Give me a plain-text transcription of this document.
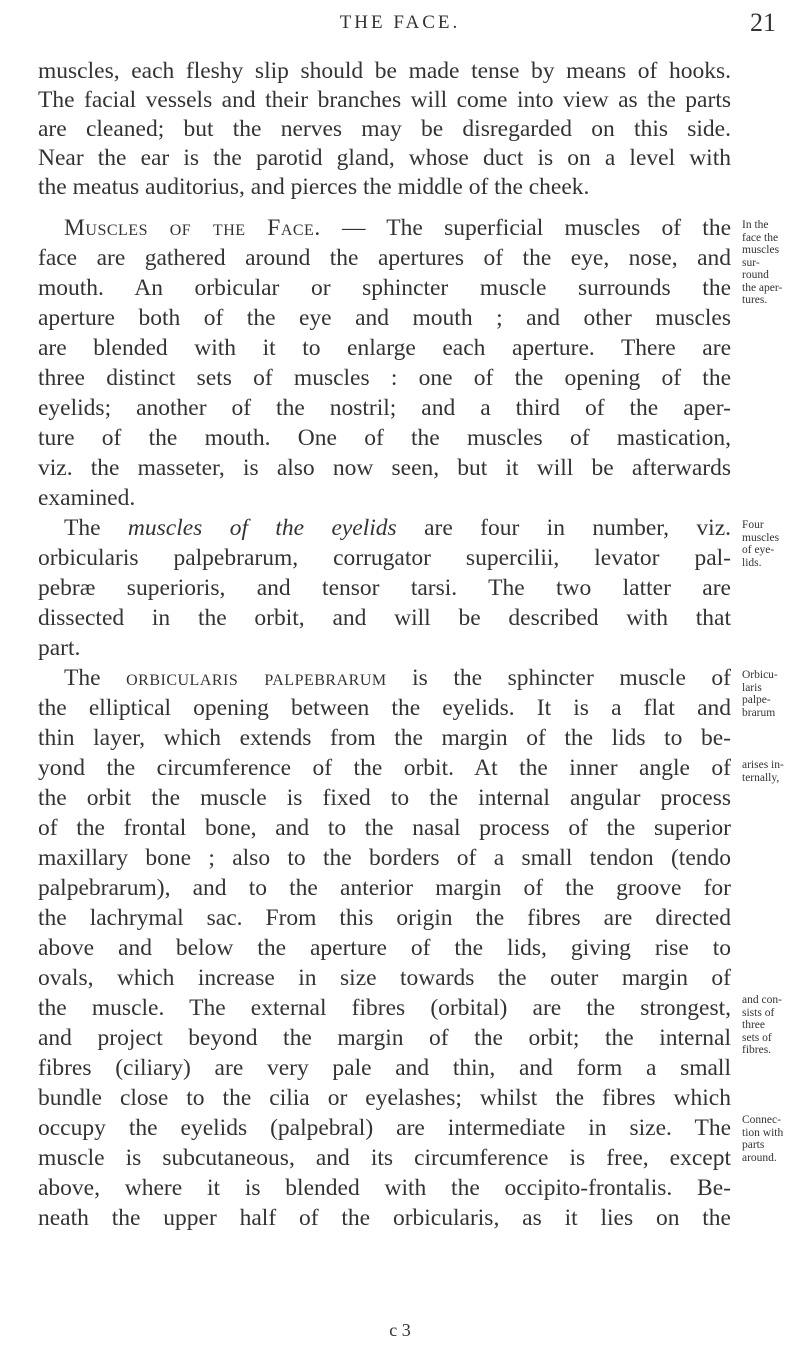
THE FACE.	21
muscles, each fleshy slip should be made tense by means of hooks.
The facial vessels and their branches will come into view as the parts
are cleaned; but the nerves may be disregarded on this side.
Near the ear is the parotid gland, whose duct is on a level with
the meatus auditorius, and pierces the middle of the cheek.
Muscles of the Face. — The superficial muscles of the
face are gathered around the apertures of the eye, nose, and
mouth. An orbicular or sphincter muscle surrounds the
aperture both of the eye and mouth ; and other muscles
are blended with it to enlarge each aperture. There are
three distinct sets of muscles : one of the opening of the
eyelids; another of the nostril; and a third of the aper-
ture of the mouth. One of the muscles of mastication,
viz. the masseter, is also now seen, but it will be afterwards
examined.
The muscles of the eyelids are four in number, viz.
orbicularis palpebrarum, corrugator supercilii, levator pal-
pebræ superioris, and tensor tarsi. The two latter are
dissected in the orbit, and will be described with that
part.
The orbicularis palpebrarum is the sphincter muscle of
the elliptical opening between the eyelids. It is a flat and
thin layer, which extends from the margin of the lids to be-
yond the circumference of the orbit. At the inner angle of
the orbit the muscle is fixed to the internal angular process
of the frontal bone, and to the nasal process of the superior
maxillary bone ; also to the borders of a small tendon (tendo
palpebrarum), and to the anterior margin of the groove for
the lachrymal sac. From this origin the fibres are directed
above and below the aperture of the lids, giving rise to
ovals, which increase in size towards the outer margin of
the muscle. The external fibres (orbital) are the strongest,
and project beyond the margin of the orbit; the internal
fibres (ciliary) are very pale and thin, and form a small
bundle close to the cilia or eyelashes; whilst the fibres which
occupy the eyelids (palpebral) are intermediate in size. The
muscle is subcutaneous, and its circumference is free, except
above, where it is blended with the occipito-frontalis. Be-
neath the upper half of the orbicularis, as it lies on the
In the
face the
muscles
sur-
round
the aper-
tures.
Four
muscles
of eye-
lids.
Orbicu-
laris
palpe-
brarum
arises in-
ternally,
and con-
sists of
three
sets of
fibres.
Connec-
tion with
parts
around.
c 3
